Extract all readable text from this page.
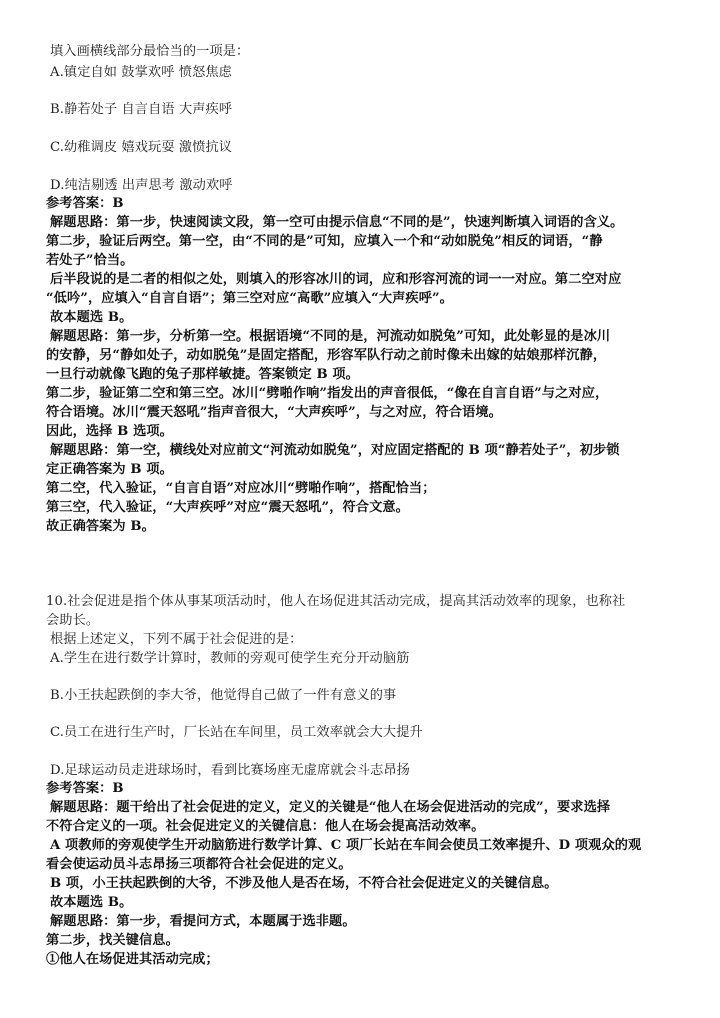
填入画横线部分最恰当的一项是：
A.镇定自如 鼓掌欢呼 愤怒焦虑
B.静若处子 自言自语 大声疾呼
C.幼稚调皮 嬉戏玩耍 激愤抗议
D.纯洁剔透 出声思考 激动欢呼
参考答案：B
解题思路：第一步，快速阅读文段，第一空可由提示信息“不同的是”，快速判断填入词语的含义。
第二步，验证后两空。第一空，由“不同的是”可知，应填入一个和“动如脱兔”相反的词语，“静
若处子”恰当。
后半段说的是二者的相似之处，则填入的形容冰川的词，应和形容河流的词一一对应。第二空对应
“低吟”，应填入“自言自语”；第三空对应“高歌”应填入“大声疾呼”。
故本题选 B。
解题思路：第一步，分析第一空。根据语境“不同的是，河流动如脱兔”可知，此处彰显的是冰川
的安静，另“静如处子，动如脱兔”是固定搭配，形容军队行动之前时像未出嫁的姑娘那样沉静，
一旦行动就像飞跑的兔子那样敏捷。答案锁定 B 项。
第二步，验证第二空和第三空。冰川“劈啪作响”指发出的声音很低，“像在自言自语”与之对应，
符合语境。冰川“震天怒吼”指声音很大，“大声疾呼”，与之对应，符合语境。
因此，选择 B 选项。
解题思路：第一空，横线处对应前文“河流动如脱兔”，对应固定搭配的 B 项“静若处子”，初步锁
定正确答案为 B 项。
第二空，代入验证，“自言自语”对应冰川“劈啪作响”，搭配恰当；
第三空，代入验证，“大声疾呼”对应“震天怒吼”，符合文意。
故正确答案为 B。
10.社会促进是指个体从事某项活动时，他人在场促进其活动完成，提高其活动效率的现象，也称社
会助长。
根据上述定义，下列不属于社会促进的是：
A.学生在进行数学计算时，教师的旁观可使学生充分开动脑筋
B.小王扶起跌倒的李大爷，他觉得自己做了一件有意义的事
C.员工在进行生产时，厂长站在车间里，员工效率就会大大提升
D.足球运动员走进球场时，看到比赛场座无虚席就会斗志昂扬
参考答案：B
解题思路：题干给出了社会促进的定义，定义的关键是“他人在场会促进活动的完成”，要求选择
不符合定义的一项。社会促进定义的关键信息：他人在场会提高活动效率。
A 项教师的旁观使学生开动脑筋进行数学计算、C 项厂长站在车间会使员工效率提升、D 项观众的观
看会使运动员斗志昂扬三项都符合社会促进的定义。
B 项，小王扶起跌倒的大爷，不涉及他人是否在场，不符合社会促进定义的关键信息。
故本题选 B。
解题思路：第一步，看提问方式，本题属于选非题。
第二步，找关键信息。
①他人在场促进其活动完成；
